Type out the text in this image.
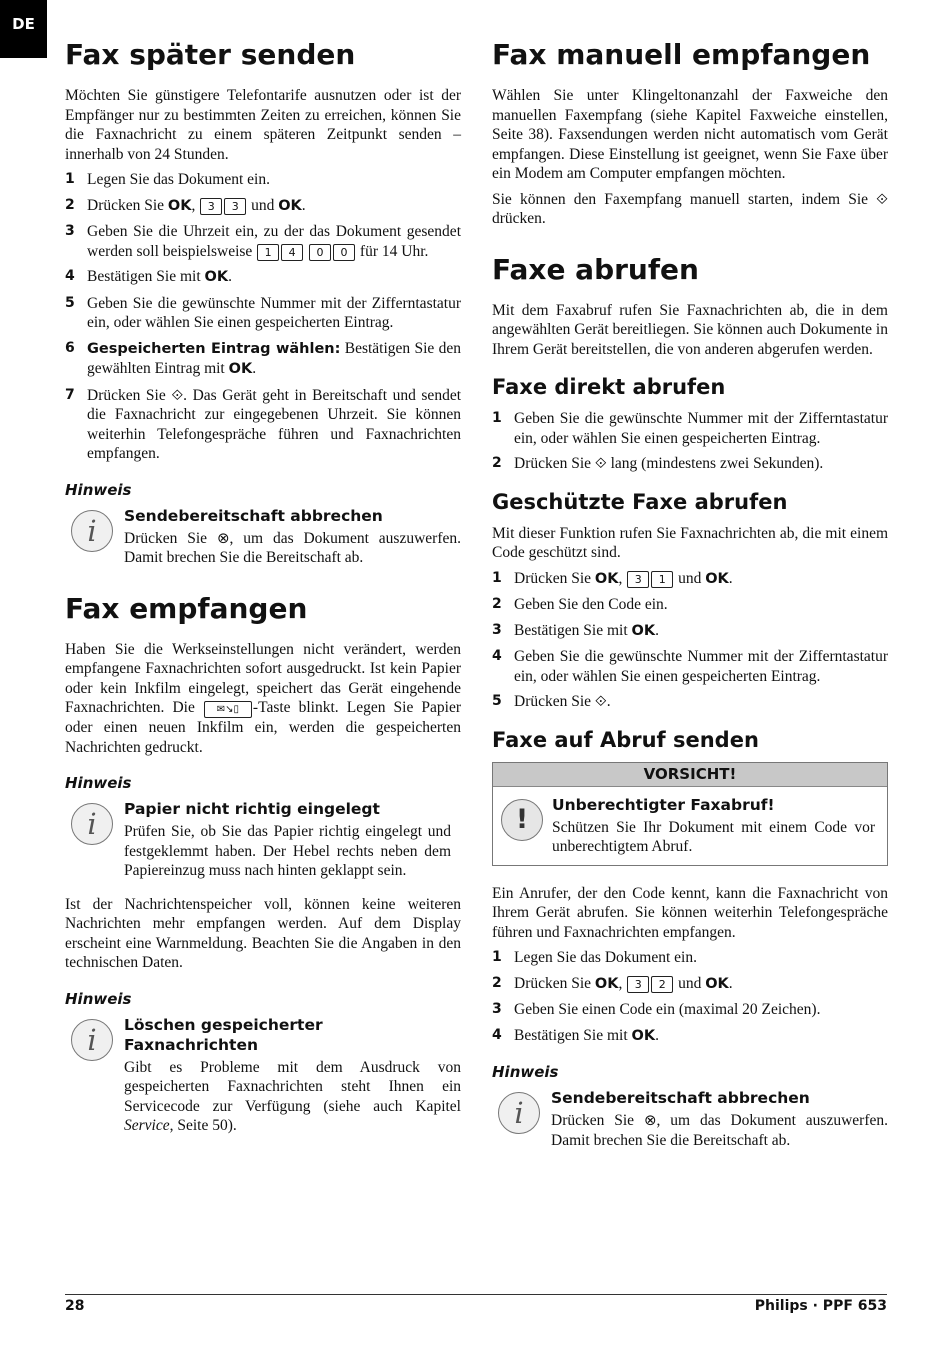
DE
Fax später senden

Möchten Sie günstigere Telefontarife ausnutzen oder ist der Empfänger nur zu bestimmten Zeiten zu erreichen, können Sie die Faxnachricht zu einem späteren Zeitpunkt senden – innerhalb von 24 Stunden.

1 Legen Sie das Dokument ein.
2 Drücken Sie OK, 3 3 und OK.
3 Geben Sie die Uhrzeit ein, zu der das Dokument gesendet werden soll beispielsweise 1 4 0 0 für 14 Uhr.
4 Bestätigen Sie mit OK.
5 Geben Sie die gewünschte Nummer mit der Zifferntastatur ein, oder wählen Sie einen gespeicherten Eintrag.
6 Gespeicherten Eintrag wählen: Bestätigen Sie den gewählten Eintrag mit OK.
7 Drücken Sie ⟐. Das Gerät geht in Bereitschaft und sendet die Faxnachricht zur eingegebenen Uhrzeit. Sie können weiterhin Telefongespräche führen und Faxnachrichten empfangen.
Hinweis
i	Sendebereitschaft abbrechen

Drücken Sie ⊗, um das Dokument auszuwerfen. Damit brechen Sie die Bereitschaft ab.

Fax empfangen

Haben Sie die Werkseinstellungen nicht verändert, werden empfangene Faxnachrichten sofort ausgedruckt. Ist kein Papier oder kein Inkfilm eingelegt, speichert das Gerät eingehende Faxnachrichten. Die ✉↘▯ -Taste blinkt. Legen Sie Papier oder einen neuen Inkfilm ein, werden die gespeicherten Nachrichten gedruckt.

Hinweis
i	Papier nicht richtig eingelegt

Prüfen Sie, ob Sie das Papier richtig eingelegt und festgeklemmt haben. Der Hebel rechts neben dem Papiereinzug muss nach hinten geklappt sein.

Ist der Nachrichtenspeicher voll, können keine weiteren Nachrichten mehr empfangen werden. Auf dem Display erscheint eine Warnmeldung. Beachten Sie die Angaben in den technischen Daten.

Hinweis
i	Löschen gespeicherter Faxnachrichten

Gibt es Probleme mit dem Ausdruck von gespeicherten Faxnachrichten steht Ihnen ein Servicecode zur Verfügung (siehe auch Kapitel Service, Seite 50).

Fax manuell empfangen

Wählen Sie unter Klingeltonanzahl der Faxweiche den manuellen Faxempfang (siehe Kapitel Faxweiche einstellen, Seite 38). Faxsendungen werden nicht automatisch vom Gerät empfangen. Diese Einstellung ist geeignet, wenn Sie Faxe über ein Modem am Computer empfangen möchten.

Sie können den Faxempfang manuell starten, indem Sie ⟐ drücken.

Faxe abrufen

Mit dem Faxabruf rufen Sie Faxnachrichten ab, die in dem angewählten Gerät bereitliegen. Sie können auch Dokumente in Ihrem Gerät bereitstellen, die von anderen abgerufen werden.

Faxe direkt abrufen
1 Geben Sie die gewünschte Nummer mit der Zifferntastatur ein, oder wählen Sie einen gespeicherten Eintrag.
2 Drücken Sie ⟐ lang (mindestens zwei Sekunden).
Geschützte Faxe abrufen

Mit dieser Funktion rufen Sie Faxnachrichten ab, die mit einem Code geschützt sind.

1 Drücken Sie OK, 3 1 und OK.
2 Geben Sie den Code ein.
3 Bestätigen Sie mit OK.
4 Geben Sie die gewünschte Nummer mit der Zifferntastatur ein, oder wählen Sie einen gespeicherten Eintrag.
5 Drücken Sie ⟐.
Faxe auf Abruf senden
VORSICHT!
!	Unberechtigter Faxabruf!

Schützen Sie Ihr Dokument mit einem Code vor unberechtigtem Abruf.

Ein Anrufer, der den Code kennt, kann die Faxnachricht von Ihrem Gerät abrufen. Sie können weiterhin Telefongespräche führen und Faxnachrichten empfangen.

1 Legen Sie das Dokument ein.
2 Drücken Sie OK, 3 2 und OK.
3 Geben Sie einen Code ein (maximal 20 Zeichen).
4 Bestätigen Sie mit OK.
Hinweis
i	Sendebereitschaft abbrechen

Drücken Sie ⊗, um das Dokument auszuwerfen. Damit brechen Sie die Bereitschaft ab.

28	Philips · PPF 653
